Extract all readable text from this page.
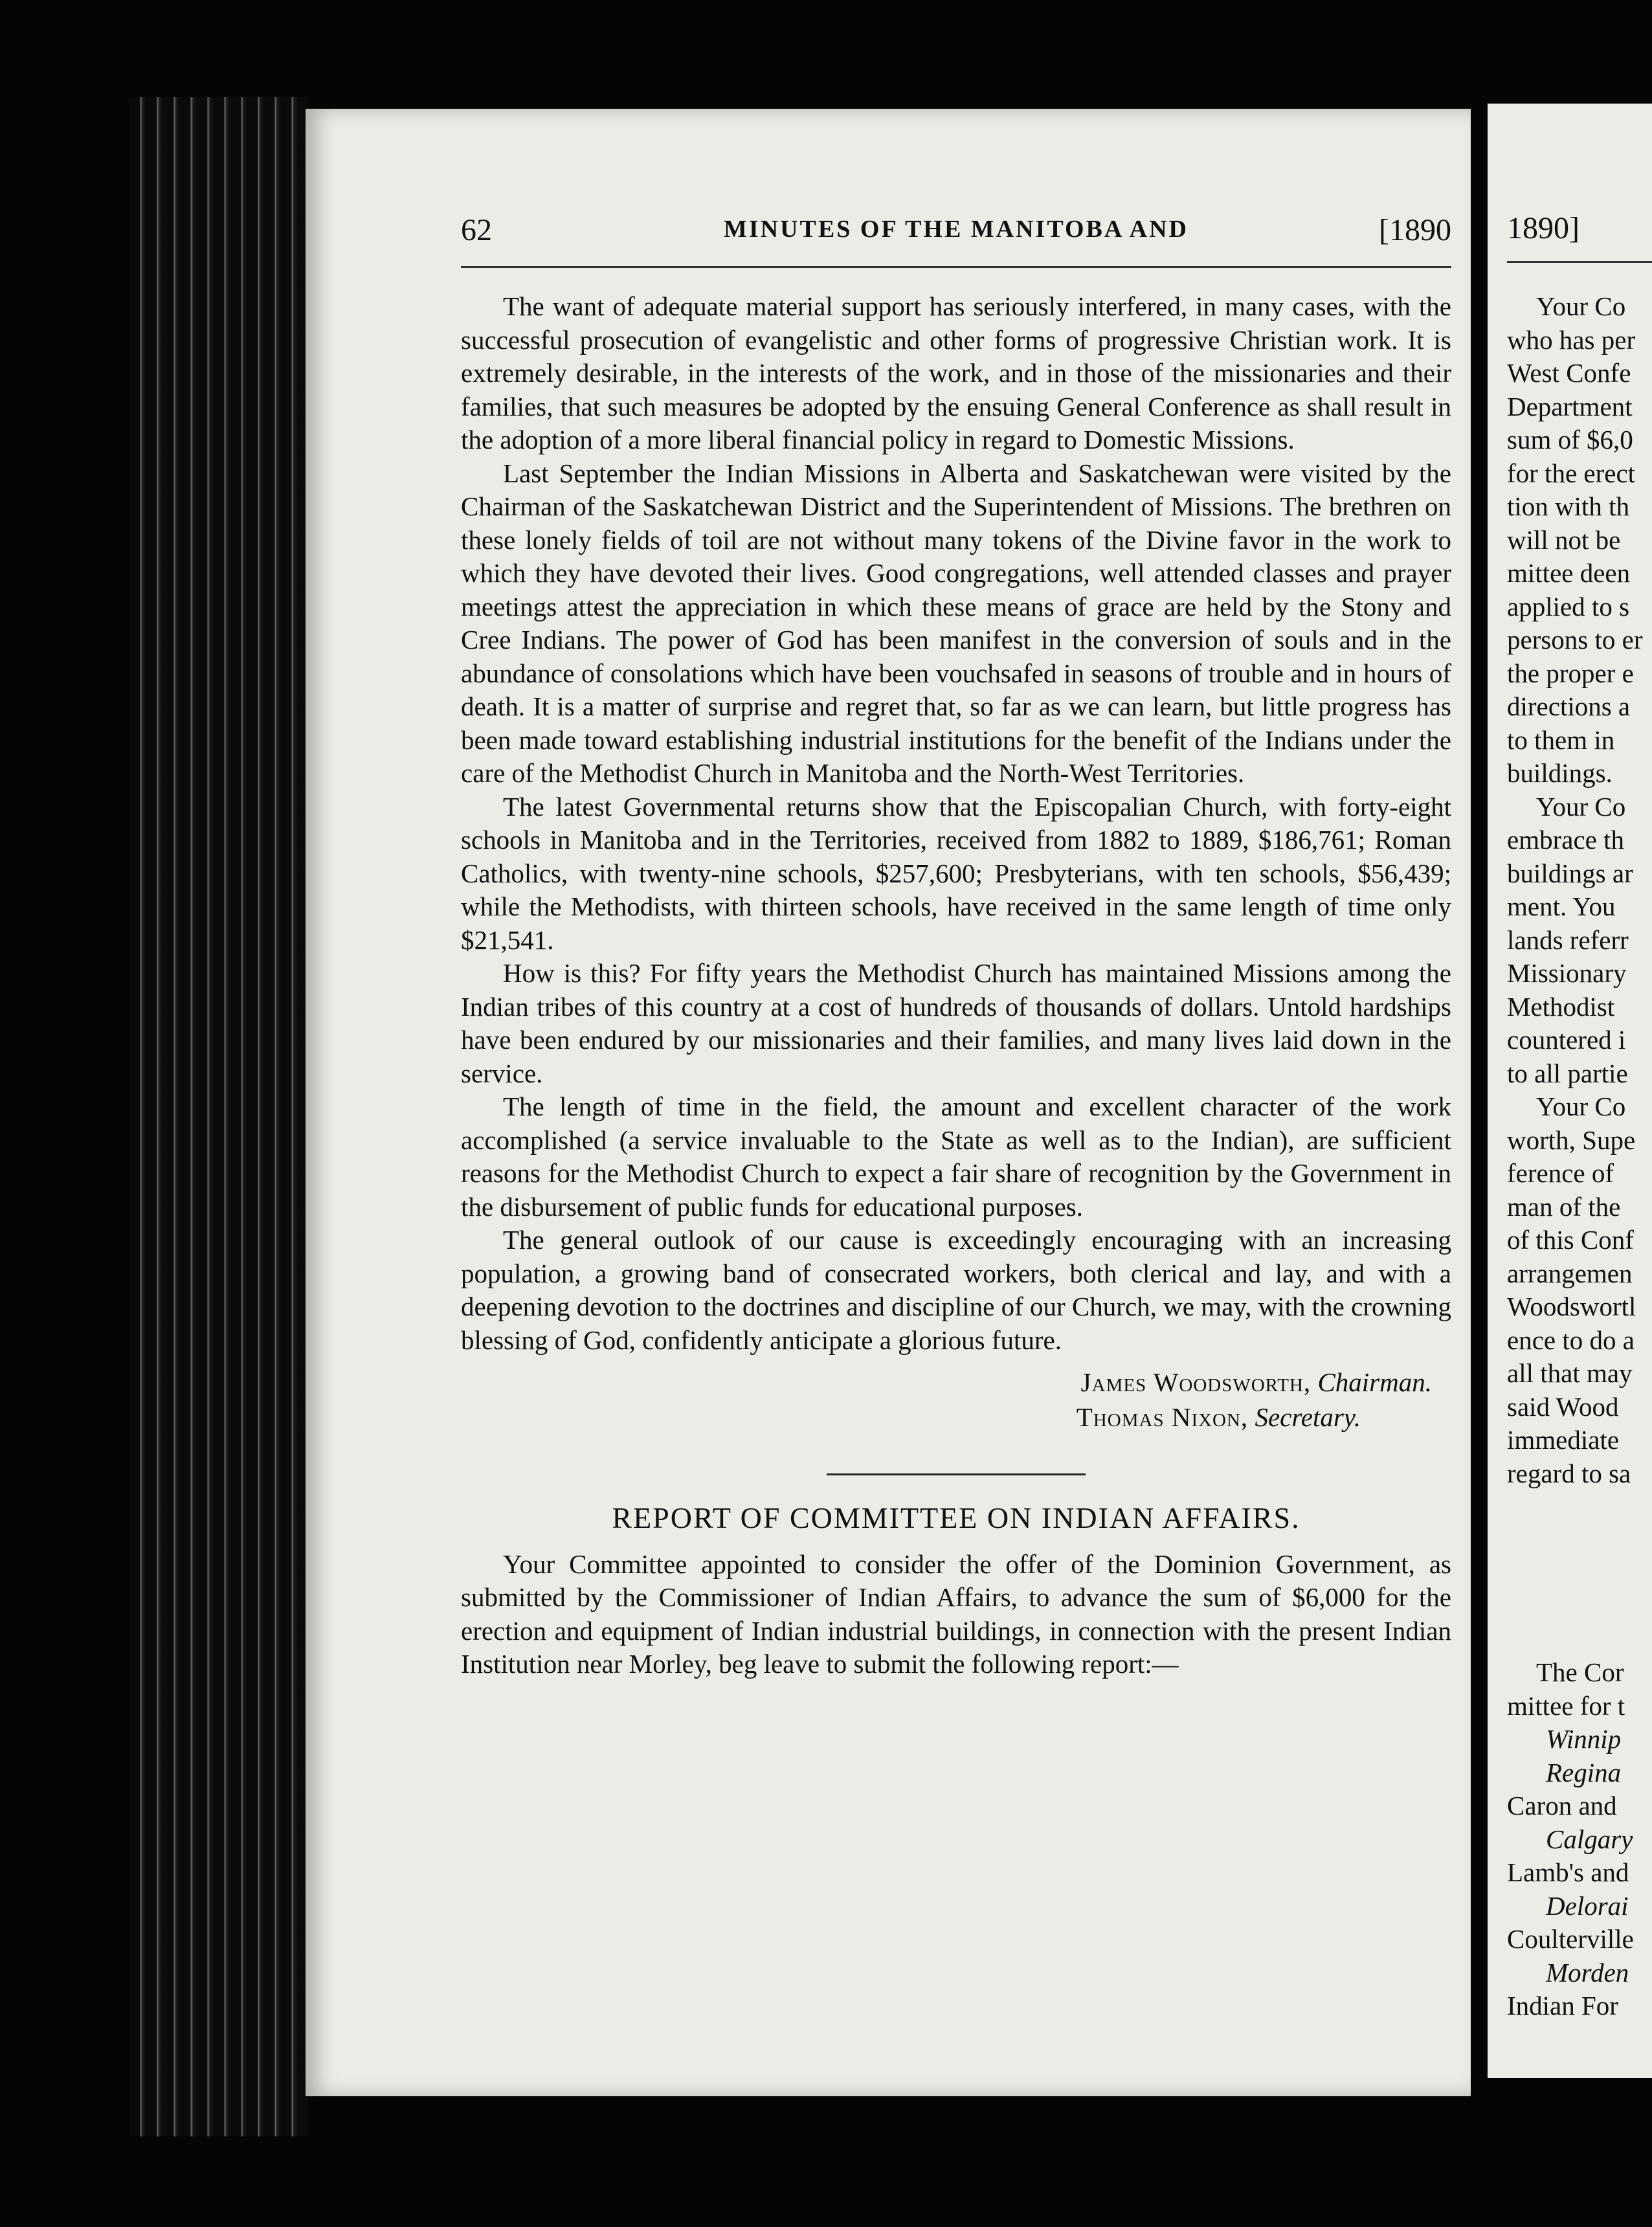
62	MINUTES OF THE MANITOBA AND	[1890

The want of adequate material support has seriously interfered, in many cases, with the successful prosecution of evangelistic and other forms of progressive Christian work. It is extremely desirable, in the interests of the work, and in those of the missionaries and their families, that such measures be adopted by the ensuing General Conference as shall result in the adoption of a more liberal financial policy in regard to Domestic Missions.

Last September the Indian Missions in Alberta and Saskatchewan were visited by the Chairman of the Saskatchewan District and the Superintendent of Missions. The brethren on these lonely fields of toil are not without many tokens of the Divine favor in the work to which they have devoted their lives. Good congregations, well attended classes and prayer meetings attest the appreciation in which these means of grace are held by the Stony and Cree Indians. The power of God has been manifest in the conversion of souls and in the abundance of consolations which have been vouchsafed in seasons of trouble and in hours of death. It is a matter of surprise and regret that, so far as we can learn, but little progress has been made toward establishing industrial institutions for the benefit of the Indians under the care of the Methodist Church in Manitoba and the North-West Territories.

The latest Governmental returns show that the Episcopalian Church, with forty-eight schools in Manitoba and in the Territories, received from 1882 to 1889, $186,761; Roman Catholics, with twenty-nine schools, $257,600; Presbyterians, with ten schools, $56,439; while the Methodists, with thirteen schools, have received in the same length of time only $21,541.

How is this? For fifty years the Methodist Church has maintained Missions among the Indian tribes of this country at a cost of hundreds of thousands of dollars. Untold hardships have been endured by our missionaries and their families, and many lives laid down in the service.

The length of time in the field, the amount and excellent character of the work accomplished (a service invaluable to the State as well as to the Indian), are sufficient reasons for the Methodist Church to expect a fair share of recognition by the Government in the disbursement of public funds for educational purposes.

The general outlook of our cause is exceedingly encouraging with an increasing population, a growing band of consecrated workers, both clerical and lay, and with a deepening devotion to the doctrines and discipline of our Church, we may, with the crowning blessing of God, confidently anticipate a glorious future.

James Woodsworth, Chairman.
Thomas Nixon, Secretary.
REPORT OF COMMITTEE ON INDIAN AFFAIRS.

Your Committee appointed to consider the offer of the Dominion Government, as submitted by the Commissioner of Indian Affairs, to advance the sum of $6,000 for the erection and equipment of Indian industrial buildings, in connection with the present Indian Institution near Morley, beg leave to submit the following report:—

1890]
Your Co
who has per
West Confe
Department
sum of $6,0
for the erect
tion with th
will not be
mittee deen
applied to s
persons to er
the proper e
directions a
to them in
buildings.
Your Co
embrace th
buildings ar
ment. You
lands referr
Missionary
Methodist
countered i
to all partie
Your Co
worth, Supe
ference of
man of the
of this Conf
arrangemen
Woodswortl
ence to do a
all that may
said Wood
immediate
regard to sa
The Cor
mittee for t
Winnip
Regina
Caron and
Calgary
Lamb's and
Delorai
Coulterville
Morden
Indian For
